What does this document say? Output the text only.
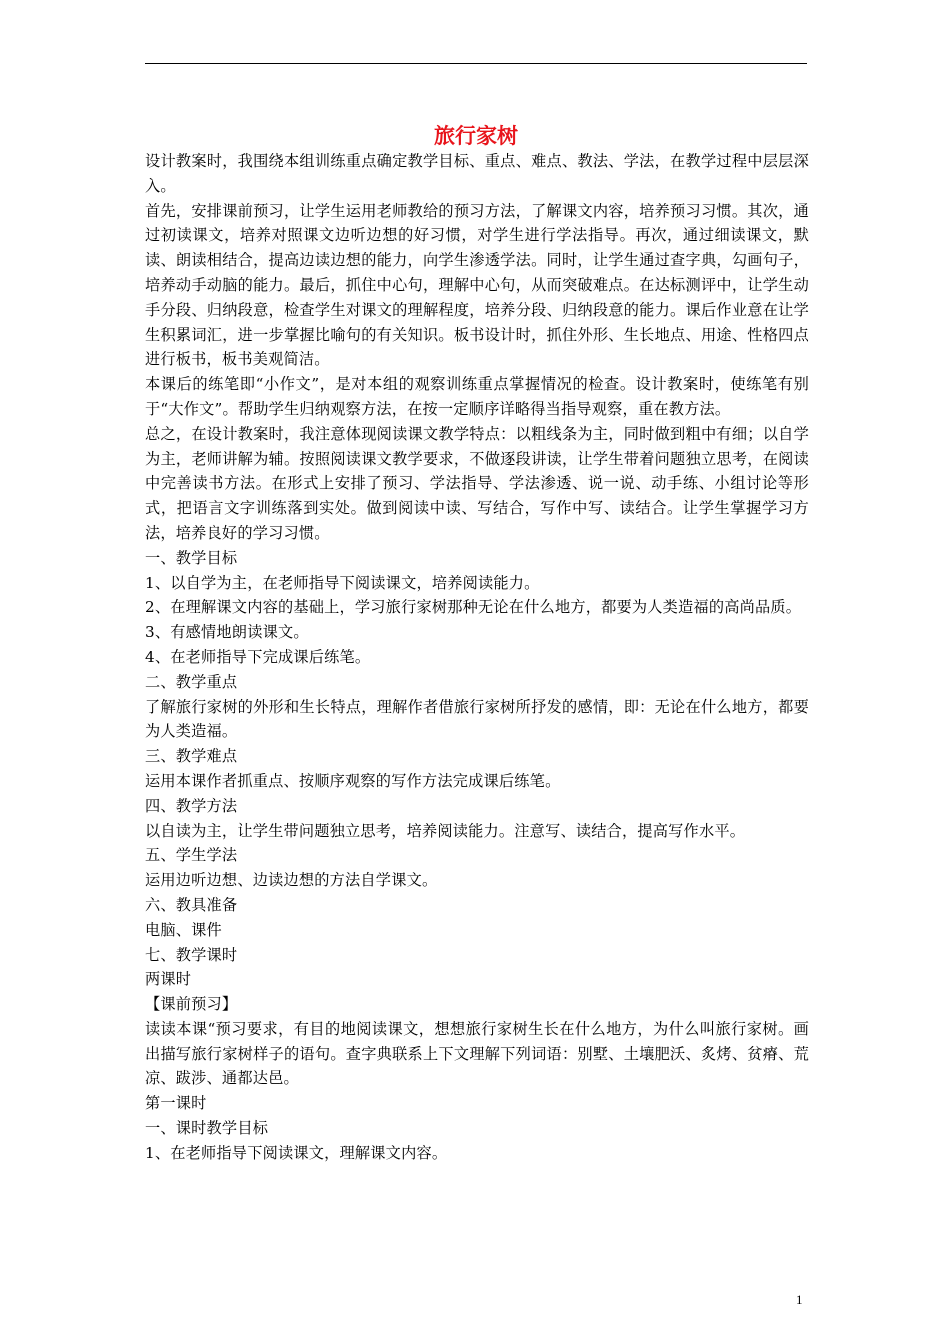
旅行家树

设计教案时，我围绕本组训练重点确定教学目标、重点、难点、教法、学法，在教学过程中层层深入。

首先，安排课前预习，让学生运用老师教给的预习方法，了解课文内容，培养预习习惯。其次，通过初读课文，培养对照课文边听边想的好习惯，对学生进行学法指导。再次，通过细读课文，默读、朗读相结合，提高边读边想的能力，向学生渗透学法。同时，让学生通过查字典，勾画句子，培养动手动脑的能力。最后，抓住中心句，理解中心句，从而突破难点。在达标测评中，让学生动手分段、归纳段意，检查学生对课文的理解程度，培养分段、归纳段意的能力。课后作业意在让学生积累词汇，进一步掌握比喻句的有关知识。板书设计时，抓住外形、生长地点、用途、性格四点进行板书，板书美观简洁。

本课后的练笔即“小作文”，是对本组的观察训练重点掌握情况的检查。设计教案时，使练笔有别于“大作文”。帮助学生归纳观察方法，在按一定顺序详略得当指导观察，重在教方法。

总之，在设计教案时，我注意体现阅读课文教学特点：以粗线条为主，同时做到粗中有细；以自学为主，老师讲解为辅。按照阅读课文教学要求，不做逐段讲读，让学生带着问题独立思考，在阅读中完善读书方法。在形式上安排了预习、学法指导、学法渗透、说一说、动手练、小组讨论等形式，把语言文字训练落到实处。做到阅读中读、写结合，写作中写、读结合。让学生掌握学习方法，培养良好的学习习惯。

一、教学目标

1、以自学为主，在老师指导下阅读课文，培养阅读能力。

2、在理解课文内容的基础上，学习旅行家树那种无论在什么地方，都要为人类造福的高尚品质。

3、有感情地朗读课文。

4、在老师指导下完成课后练笔。

二、教学重点

了解旅行家树的外形和生长特点，理解作者借旅行家树所抒发的感情，即：无论在什么地方，都要为人类造福。

三、教学难点

运用本课作者抓重点、按顺序观察的写作方法完成课后练笔。

四、教学方法

以自读为主，让学生带问题独立思考，培养阅读能力。注意写、读结合，提高写作水平。

五、学生学法

运用边听边想、边读边想的方法自学课文。

六、教具准备

电脑、课件

七、教学课时

两课时

【课前预习】

读读本课“预习要求，有目的地阅读课文，想想旅行家树生长在什么地方，为什么叫旅行家树。画出描写旅行家树样子的语句。查字典联系上下文理解下列词语：别墅、土壤肥沃、炙烤、贫瘠、荒凉、跋涉、通都达邑。

第一课时

一、课时教学目标

1、在老师指导下阅读课文，理解课文内容。

1
